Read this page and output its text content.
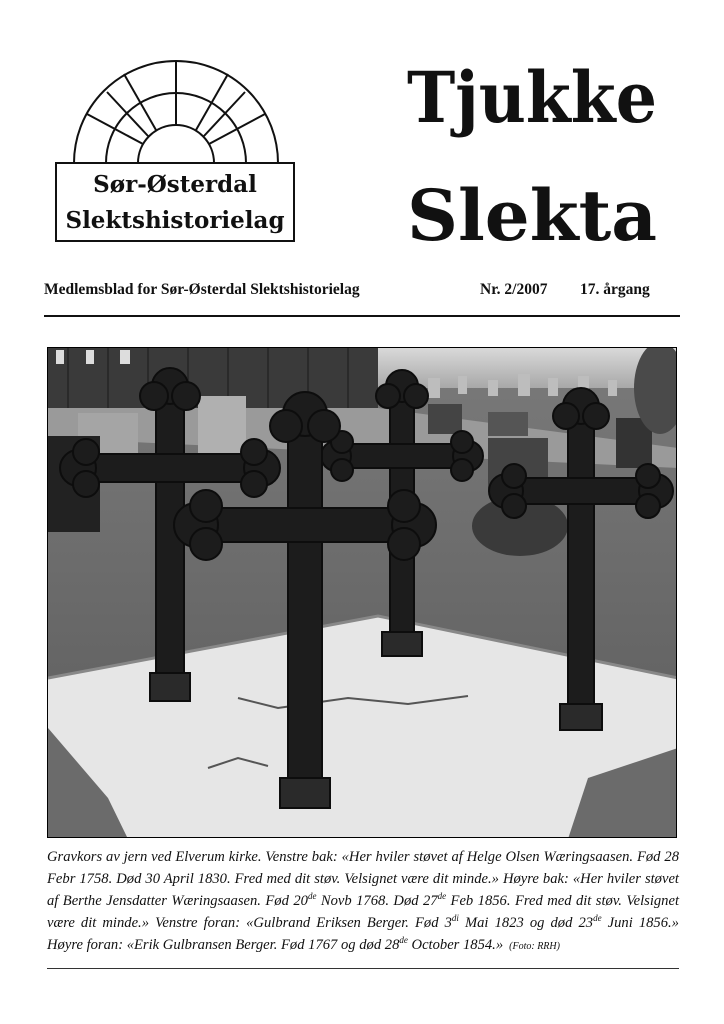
Sør-Østerdal
Slektshistorielag
Tjukke
Slekta
Medlemsblad for Sør-Østerdal Slektshistorielag	Nr. 2/2007 17. årgang
Gravkors av jern ved Elverum kirke. Venstre bak: «Her hviler støvet af Helge Olsen Wæringsaasen. Fød 28 Febr 1758. Død 30 April 1830. Fred med dit støv. Velsignet være dit minde.» Høyre bak: «Her hviler støvet af Berthe Jensdatter Wæringsaasen. Fød 20de Novb 1768. Død 27de Feb 1856. Fred med dit støv. Velsignet være dit minde.» Venstre foran: «Gulbrand Eriksen Berger. Fød $3^{di}$ Mai 1823 og død 23de Juni 1856.» Høyre foran: «Erik Gulbransen Berger. Fød 1767 og død 28de October 1854.» (Foto: RRH)
